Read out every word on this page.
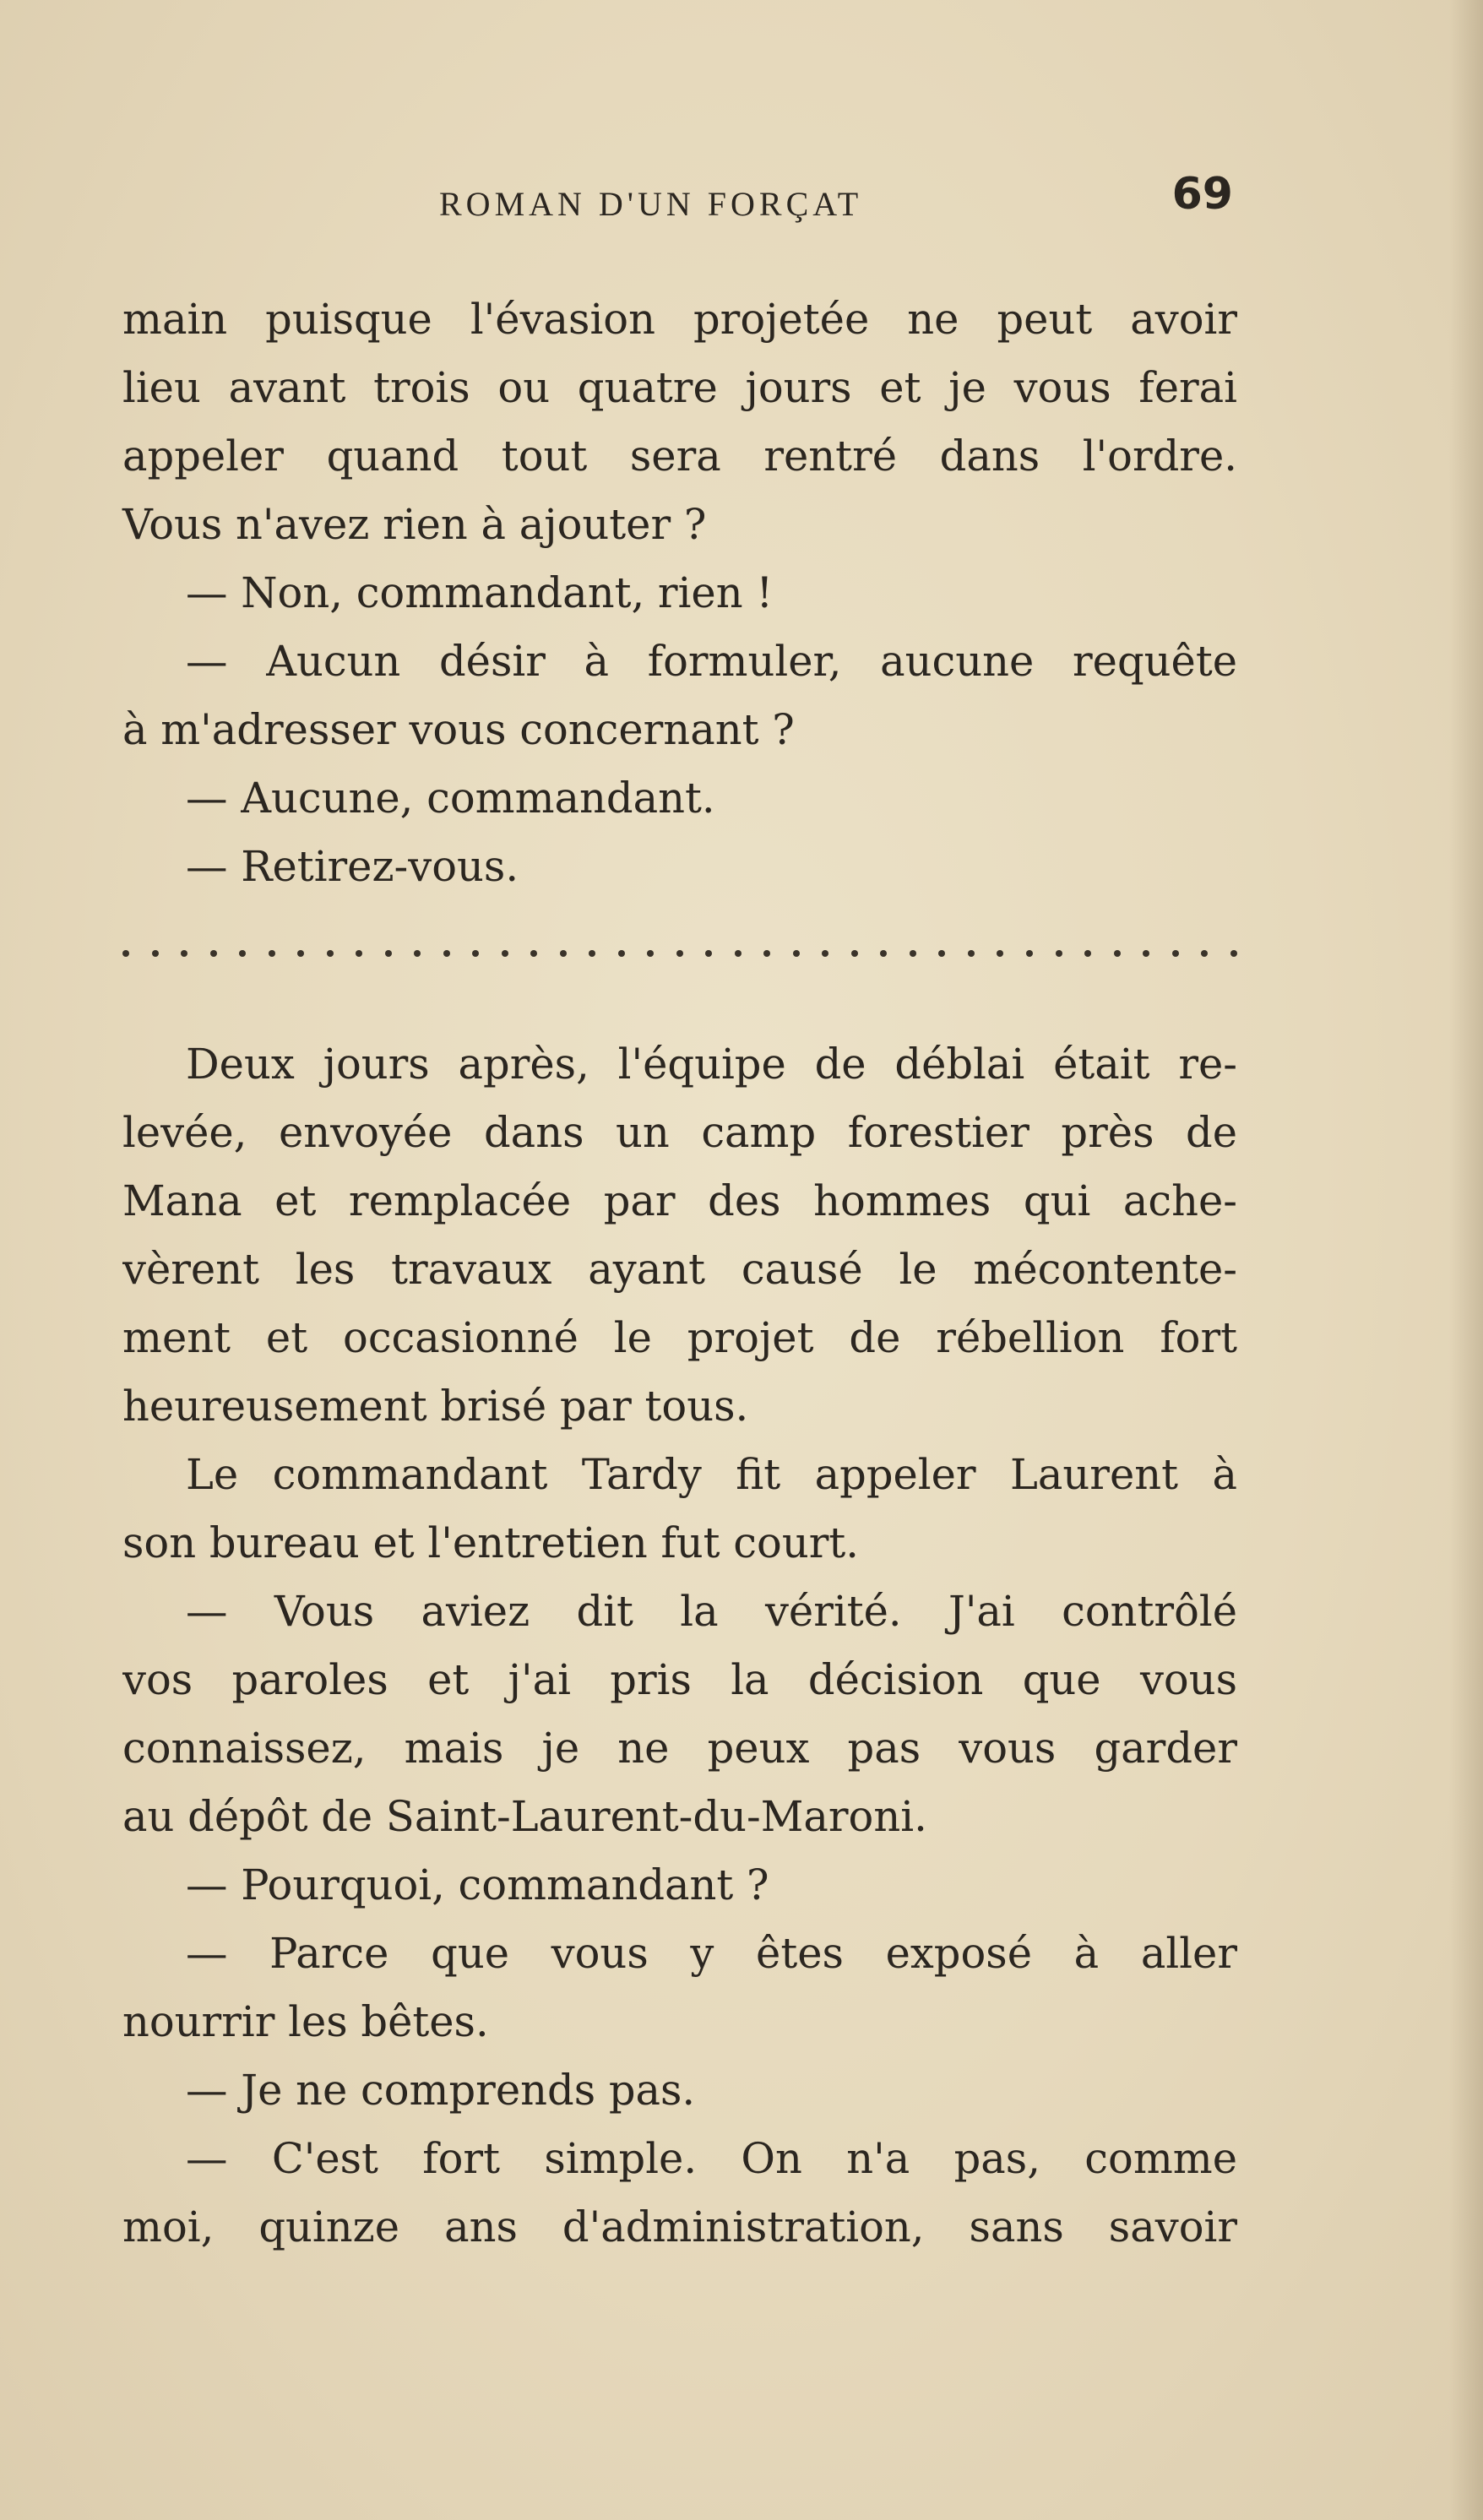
ROMAN D'UN FORÇAT	69
main puisque l'évasion projetée ne peut avoir
lieu avant trois ou quatre jours et je vous ferai
appeler quand tout sera rentré dans l'ordre.
Vous n'avez rien à ajouter ?
— Non, commandant, rien !
— Aucun désir à formuler, aucune requête
à m'adresser vous concernant ?
— Aucune, commandant.
— Retirez-vous.
Deux jours après, l'équipe de déblai était re-
levée, envoyée dans un camp forestier près de
Mana et remplacée par des hommes qui ache-
vèrent les travaux ayant causé le mécontente-
ment et occasionné le projet de rébellion fort
heureusement brisé par tous.
Le commandant Tardy fit appeler Laurent à
son bureau et l'entretien fut court.
— Vous aviez dit la vérité. J'ai contrôlé
vos paroles et j'ai pris la décision que vous
connaissez, mais je ne peux pas vous garder
au dépôt de Saint-Laurent-du-Maroni.
— Pourquoi, commandant ?
— Parce que vous y êtes exposé à aller
nourrir les bêtes.
— Je ne comprends pas.
— C'est fort simple. On n'a pas, comme
moi, quinze ans d'administration, sans savoir
